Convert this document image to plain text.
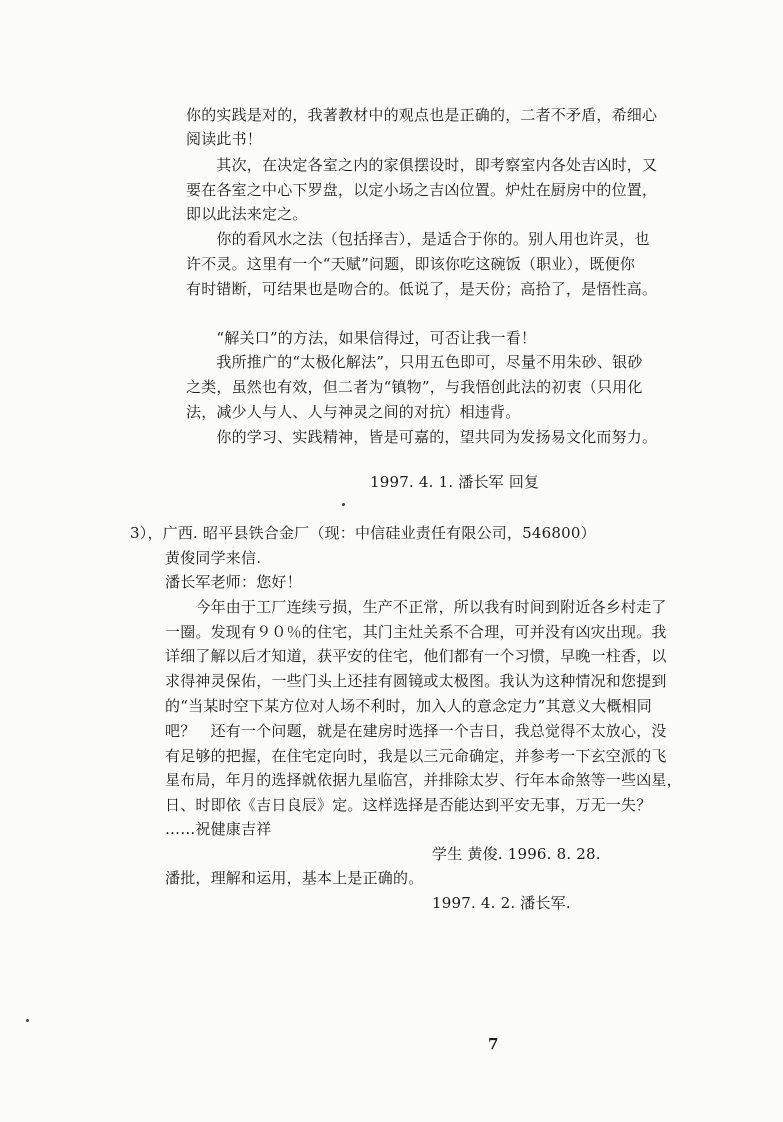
你的实践是对的，我著教材中的观点也是正确的，二者不矛盾，希细心
阅读此书！
　　其次，在决定各室之内的家俱摆设时，即考察室内各处吉凶时，又
要在各室之中心下罗盘，以定小场之吉凶位置。炉灶在厨房中的位置，
即以此法来定之。
　　你的看风水之法（包括择吉），是适合于你的。别人用也许灵，也
许不灵。这里有一个“天赋”问题，即该你吃这碗饭（职业），既便你
有时错断，可结果也是吻合的。低说了，是天份；高拾了，是悟性高。
　　“解关口”的方法，如果信得过，可否让我一看！
　　我所推广的“太极化解法”，只用五色即可，尽量不用朱砂、银砂
之类，虽然也有效，但二者为“镇物”，与我悟创此法的初衷（只用化
法，减少人与人、人与神灵之间的对抗）相违背。
　　你的学习、实践精神，皆是可嘉的，望共同为发扬易文化而努力。
1997. 4. 1. 潘长军 回复
3），广西. 昭平县铁合金厂（现：中信硅业责任有限公司，546800）
黄俊同学来信.
潘长军老师：您好！
　　今年由于工厂连续亏损，生产不正常，所以我有时间到附近各乡村走了
一圈。发现有９０％的住宅，其门主灶关系不合理，可并没有凶灾出现。我
详细了解以后才知道，获平安的住宅，他们都有一个习惯，早晚一柱香，以
求得神灵保佑，一些门头上还挂有圆镜或太极图。我认为这种情况和您提到
的“当某时空下某方位对人场不利时，加入人的意念定力”其意义大概相同
吧？　还有一个问题，就是在建房时选择一个吉日，我总觉得不太放心，没
有足够的把握，在住宅定向时，我是以三元命确定，并参考一下玄空派的飞
星布局，年月的选择就依据九星临宫，并排除太岁、行年本命煞等一些凶星，
日、时即依《吉日良辰》定。这样选择是否能达到平安无事，万无一失？
……祝健康吉祥
学生 黄俊. 1996. 8. 28.
潘批，理解和运用，基本上是正确的。
1997. 4. 2. 潘长军.
7
